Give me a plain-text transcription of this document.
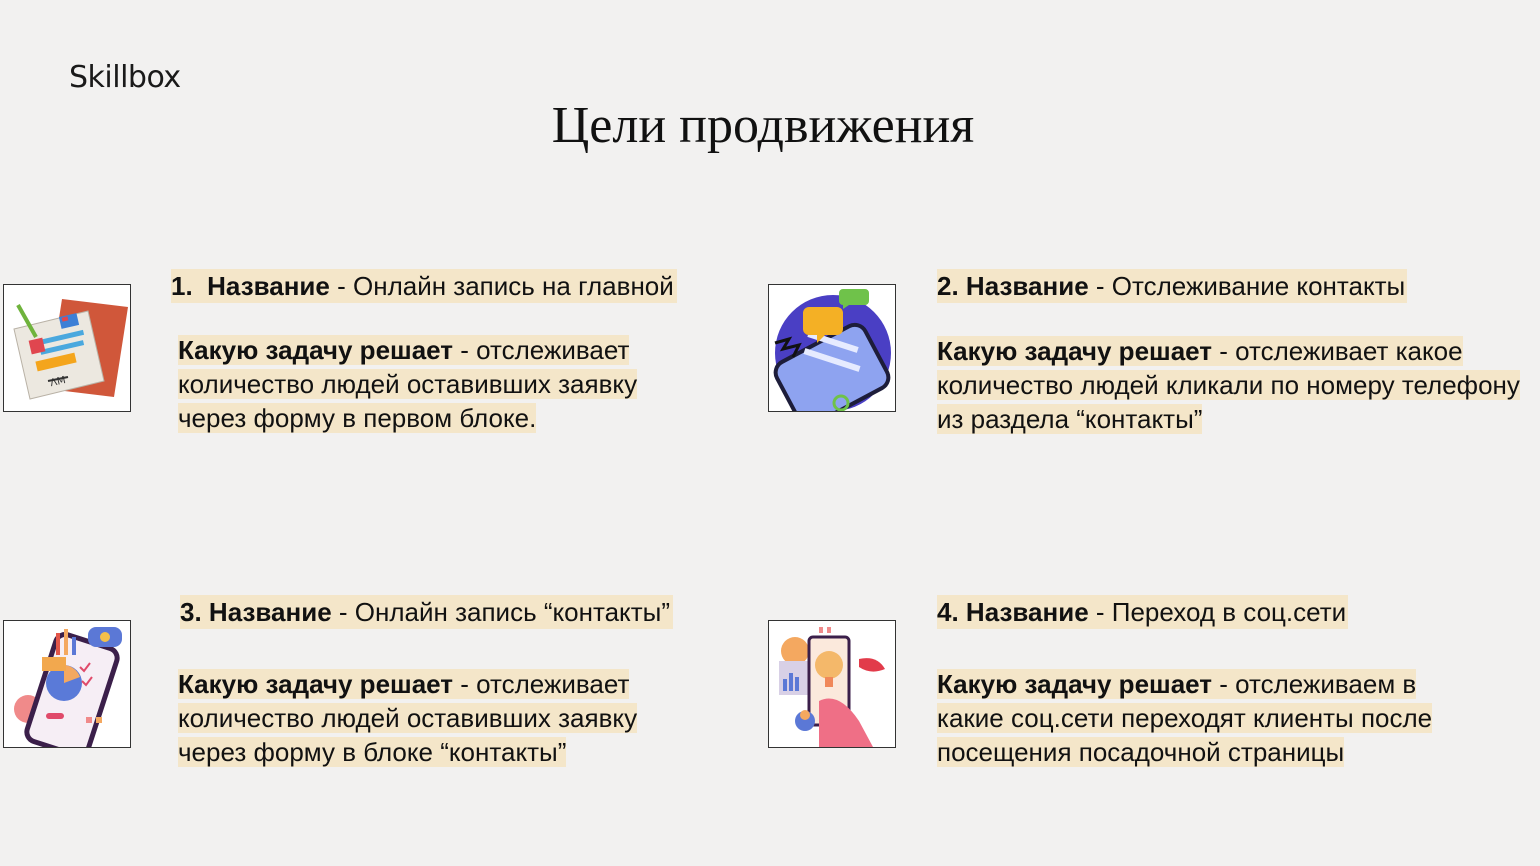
Skillbox
Цели продвижения
ΛM
1. Название - Онлайн запись на главной
Какую задачу решает - отслеживает количество людей оставивших заявку через форму в первом блоке.
2. Название - Отслеживание контакты
Какую задачу решает - отслеживает какое количество людей кликали по номеру телефону из раздела “контакты”
3. Название - Онлайн запись “контакты”
Какую задачу решает - отслеживает количество людей оставивших заявку через форму в блоке “контакты”
4. Название - Переход в соц.сети
Какую задачу решает - отслеживаем в какие соц.сети переходят клиенты после посещения посадочной страницы
